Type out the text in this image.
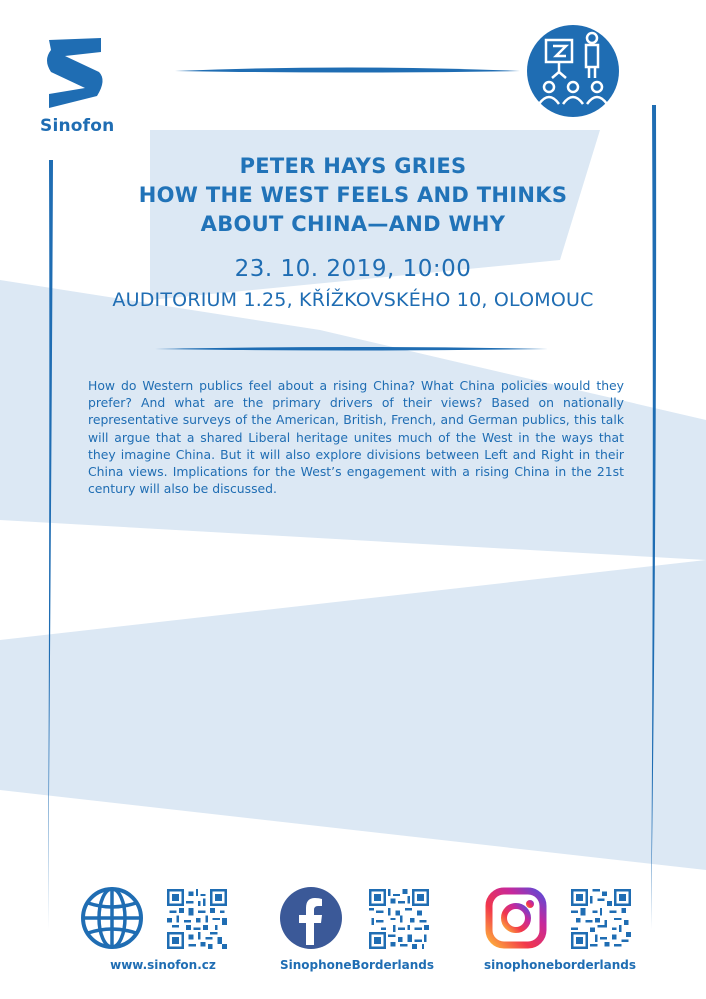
Sinofon
PETER HAYS GRIES
HOW THE WEST FEELS AND THINKS
ABOUT CHINA—AND WHY
23. 10. 2019, 10:00
AUDITORIUM 1.25, KŘÍŽKOVSKÉHO 10, OLOMOUC
How do Western publics feel about a rising China? What China policies would they prefer? And what are the primary drivers of their views? Based on nationally representative surveys of the American, British, French, and German publics, this talk will argue that a shared Liberal heritage unites much of the West in the ways that they imagine China. But it will also explore divisions between Left and Right in their China views. Implications for the West’s engagement with a rising China in the 21st century will also be discussed.
www.sinofon.cz	SinophoneBorderlands	sinophoneborderlands
